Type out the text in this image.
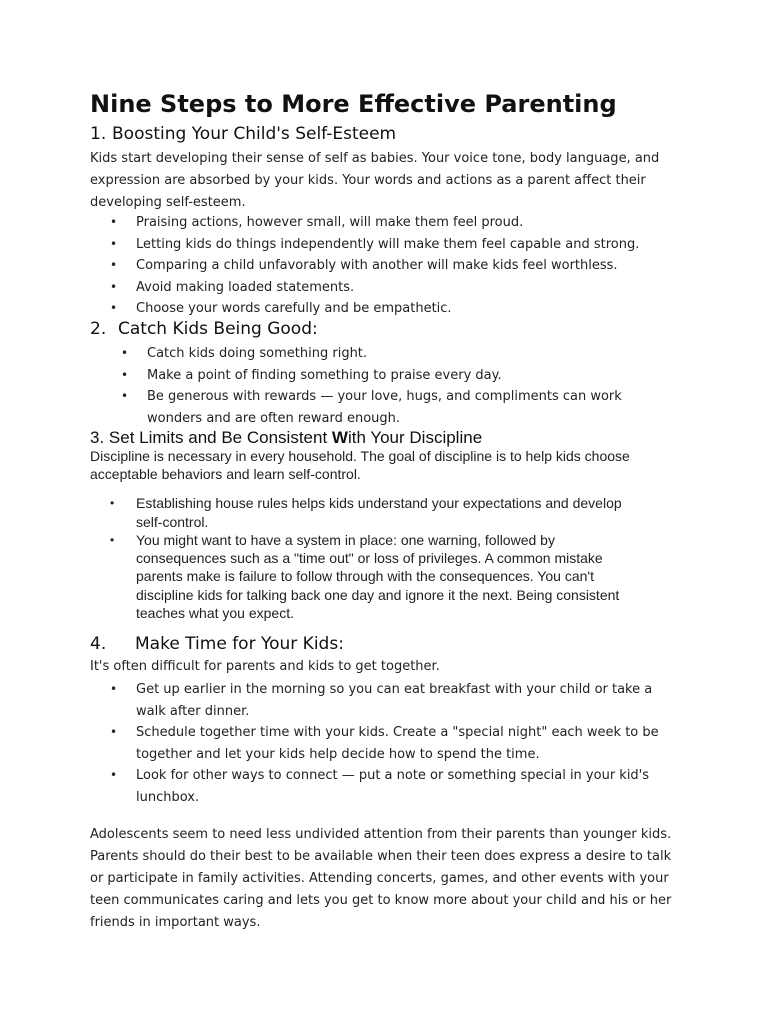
Nine Steps to More Effective Parenting
1. Boosting Your Child's Self-Esteem

Kids start developing their sense of self as babies. Your voice tone, body language, and expression are absorbed by your kids. Your words and actions as a parent affect their developing self-esteem.

• Praising actions, however small, will make them feel proud.
• Letting kids do things independently will make them feel capable and strong.
• Comparing a child unfavorably with another will make kids feel worthless.
• Avoid making loaded statements.
• Choose your words carefully and be empathetic.
2. Catch Kids Being Good:
• Catch kids doing something right.
• Make a point of finding something to praise every day.
• Be generous with rewards — your love, hugs, and compliments can work wonders and are often reward enough.
3. Set Limits and Be Consistent With Your Discipline

Discipline is necessary in every household. The goal of discipline is to help kids choose acceptable behaviors and learn self-control.

• Establishing house rules helps kids understand your expectations and develop self-control.
• You might want to have a system in place: one warning, followed by consequences such as a "time out" or loss of privileges. A common mistake parents make is failure to follow through with the consequences. You can't discipline kids for talking back one day and ignore it the next. Being consistent teaches what you expect.
4. Make Time for Your Kids:

It's often difficult for parents and kids to get together.

• Get up earlier in the morning so you can eat breakfast with your child or take a walk after dinner.
• Schedule together time with your kids. Create a "special night" each week to be together and let your kids help decide how to spend the time.
• Look for other ways to connect — put a note or something special in your kid's lunchbox.

Adolescents seem to need less undivided attention from their parents than younger kids. Parents should do their best to be available when their teen does express a desire to talk or participate in family activities. Attending concerts, games, and other events with your teen communicates caring and lets you get to know more about your child and his or her friends in important ways.
